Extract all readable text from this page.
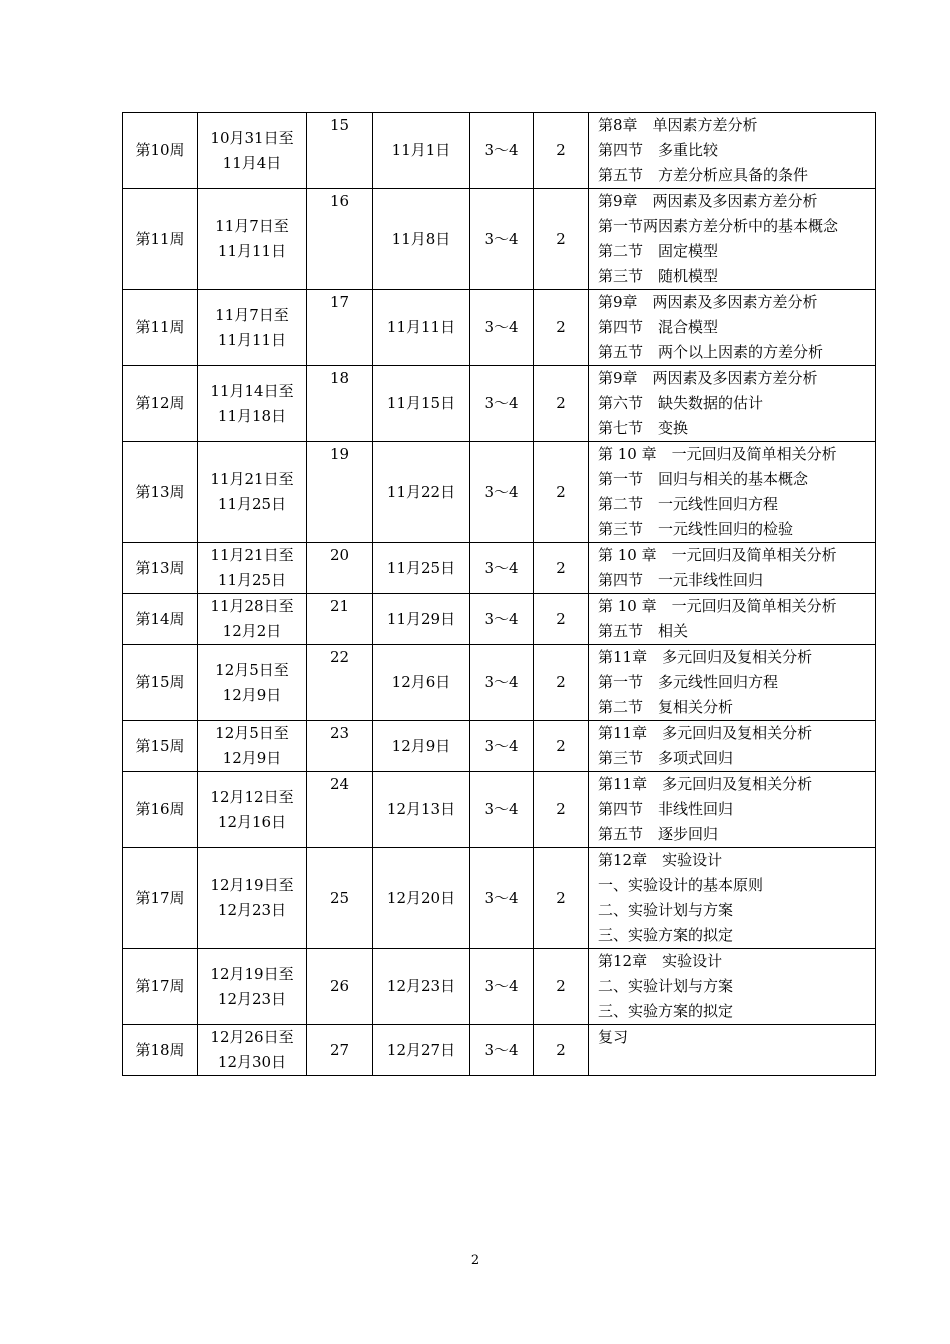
第10周	10月31日至
11月4日	15	11月1日	3～4	2	第8章　单因素方差分析
第四节　多重比较
第五节　方差分析应具备的条件

第11周	11月7日至
11月11日	16	11月8日	3～4	2	第9章　两因素及多因素方差分析
第一节两因素方差分析中的基本概念
第二节　固定模型
第三节　随机模型

第11周	11月7日至
11月11日	17	11月11日	3～4	2	第9章　两因素及多因素方差分析
第四节　混合模型
第五节　两个以上因素的方差分析

第12周	11月14日至
11月18日	18	11月15日	3～4	2	第9章　两因素及多因素方差分析
第六节　缺失数据的估计
第七节　变换

第13周	11月21日至
11月25日	19	11月22日	3～4	2	第 10 章　一元回归及简单相关分析
第一节　回归与相关的基本概念
第二节　一元线性回归方程
第三节　一元线性回归的检验

第13周	11月21日至
11月25日	20	11月25日	3～4	2	第 10 章　一元回归及简单相关分析
第四节　一元非线性回归

第14周	11月28日至
12月2日	21	11月29日	3～4	2	第 10 章　一元回归及简单相关分析
第五节　相关

第15周	12月5日至
12月9日	22	12月6日	3～4	2	第11章　多元回归及复相关分析
第一节　多元线性回归方程
第二节　复相关分析

第15周	12月5日至
12月9日	23	12月9日	3～4	2	第11章　多元回归及复相关分析
第三节　多项式回归

第16周	12月12日至
12月16日	24	12月13日	3～4	2	第11章　多元回归及复相关分析
第四节　非线性回归
第五节　逐步回归

第17周	12月19日至
12月23日	25	12月20日	3～4	2	第12章　实验设计
一、实验设计的基本原则
二、实验计划与方案
三、实验方案的拟定

第17周	12月19日至
12月23日	26	12月23日	3～4	2	第12章　实验设计
二、实验计划与方案
三、实验方案的拟定

第18周	12月26日至
12月30日	27	12月27日	3～4	2	复习
2
